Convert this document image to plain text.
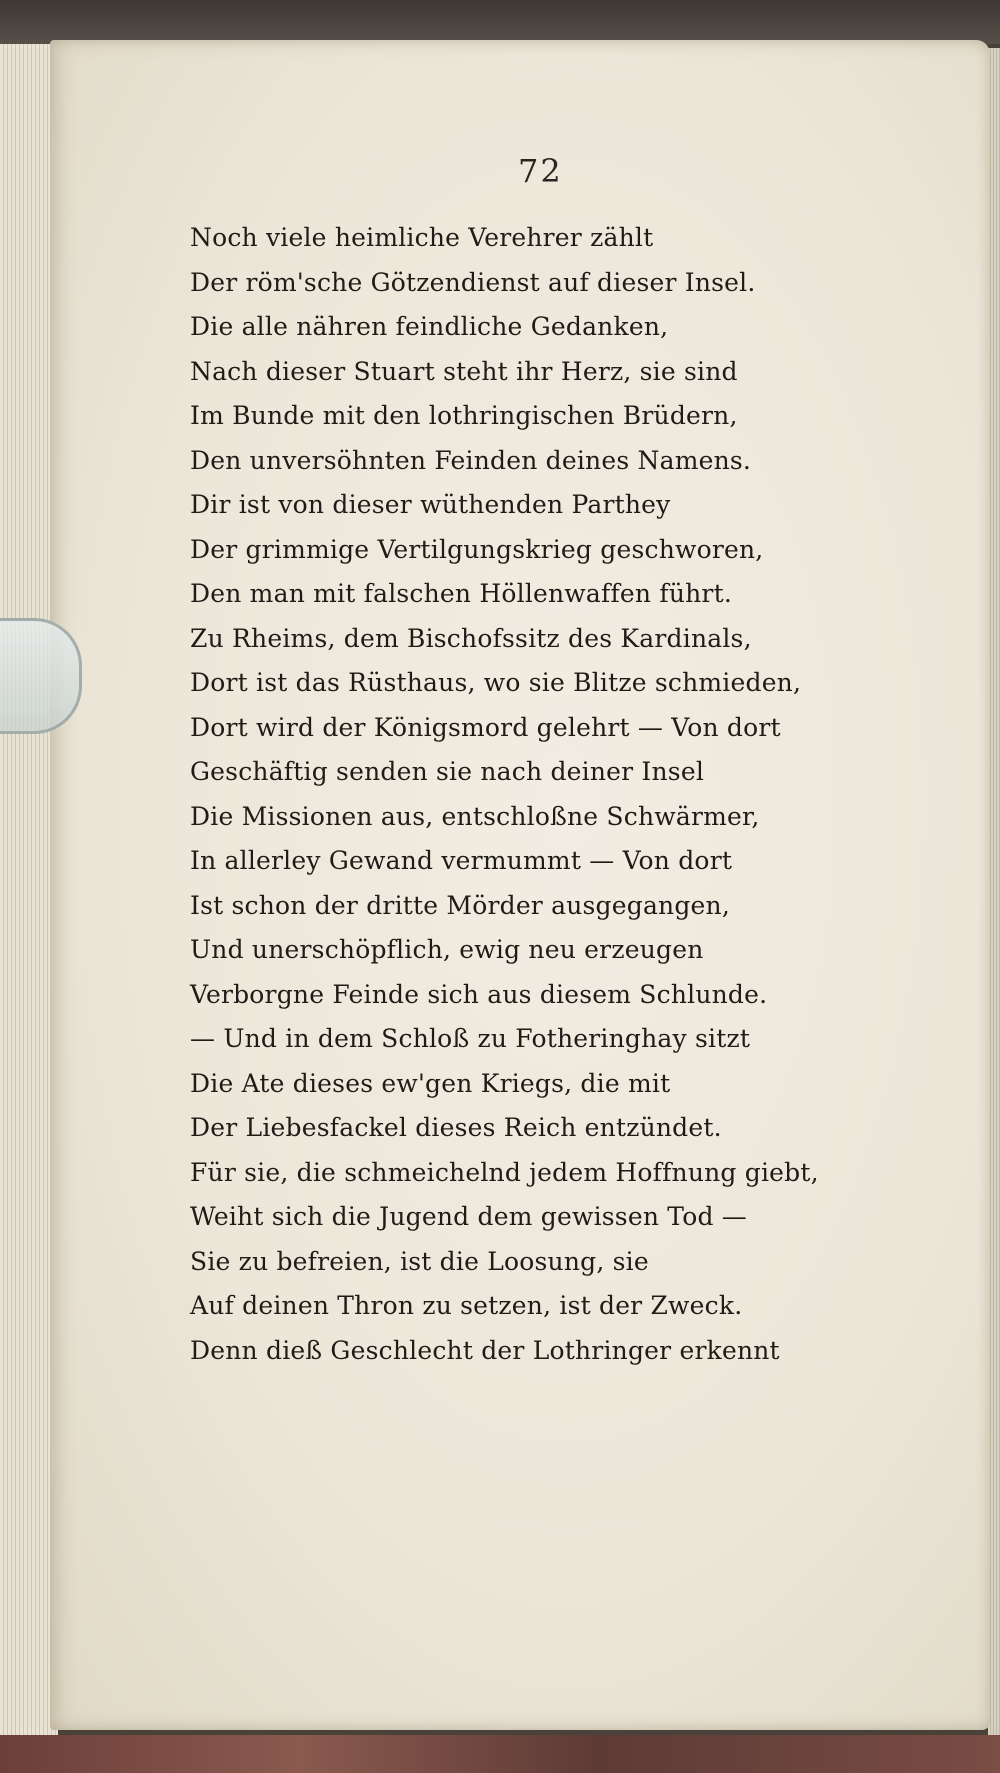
72
Noch viele heimliche Verehrer zählt
Der röm'sche Götzendienst auf dieser Insel.
Die alle nähren feindliche Gedanken,
Nach dieser Stuart steht ihr Herz, sie sind
Im Bunde mit den lothringischen Brüdern,
Den unversöhnten Feinden deines Namens.
Dir ist von dieser wüthenden Parthey
Der grimmige Vertilgungskrieg geschworen,
Den man mit falschen Höllenwaffen führt.
Zu Rheims, dem Bischofssitz des Kardinals,
Dort ist das Rüsthaus, wo sie Blitze schmieden,
Dort wird der Königsmord gelehrt — Von dort
Geschäftig senden sie nach deiner Insel
Die Missionen aus, entschloßne Schwärmer,
In allerley Gewand vermummt — Von dort
Ist schon der dritte Mörder ausgegangen,
Und unerschöpflich, ewig neu erzeugen
Verborgne Feinde sich aus diesem Schlunde.
— Und in dem Schloß zu Fotheringhay sitzt
Die Ate dieses ew'gen Kriegs, die mit
Der Liebesfackel dieses Reich entzündet.
Für sie, die schmeichelnd jedem Hoffnung giebt,
Weiht sich die Jugend dem gewissen Tod —
Sie zu befreien, ist die Loosung, sie
Auf deinen Thron zu setzen, ist der Zweck.
Denn dieß Geschlecht der Lothringer erkennt
